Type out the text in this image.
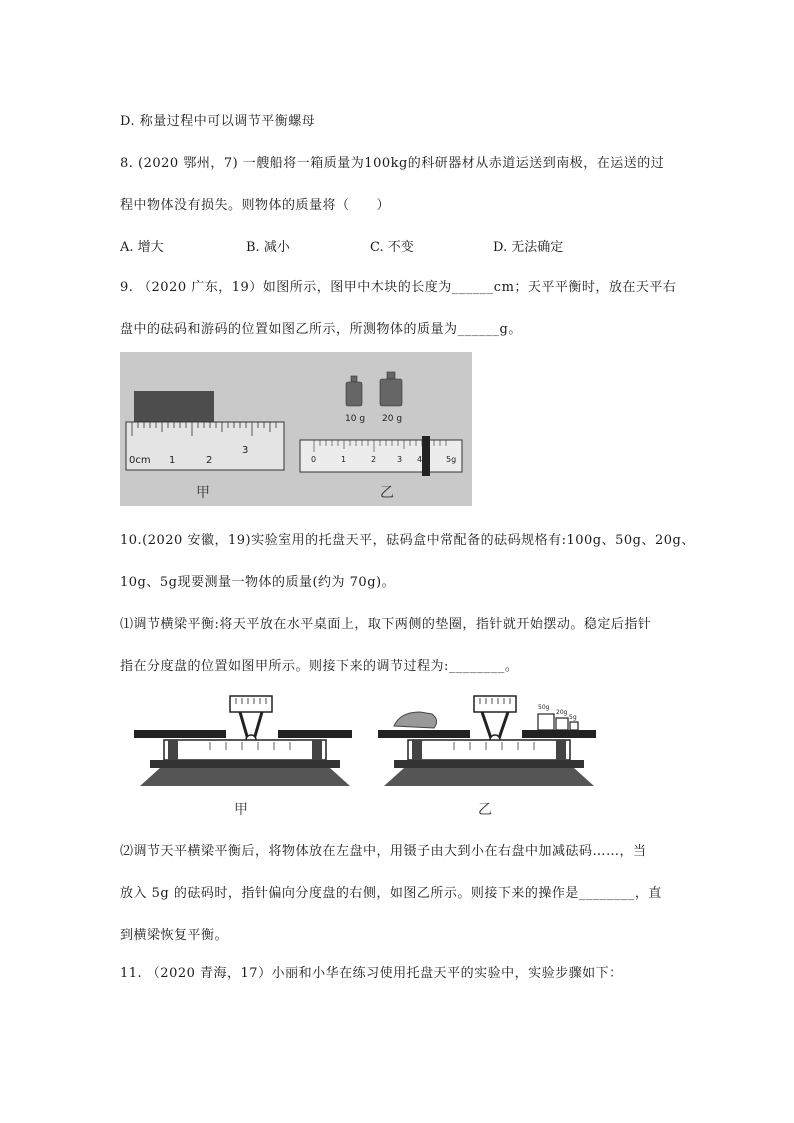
D. 称量过程中可以调节平衡螺母
8. (2020 鄂州，7) 一艘船将一箱质量为100kg的科研器材从赤道运送到南极，在运送的过
程中物体没有损失。则物体的质量将（　　）
A. 增大	B. 减小	C. 不变	D. 无法确定
9. （2020 广东，19）如图所示，图甲中木块的长度为______cm；天平平衡时，放在天平右
盘中的砝码和游码的位置如图乙所示，所测物体的质量为______g。
0cm 1	2
3
甲
10 g 20 g
0	1	2	3 4	5g
乙
10.(2020 安徽，19)实验室用的托盘天平，砝码盒中常配备的砝码规格有:100g、50g、20g、
10g、5g现要测量一物体的质量(约为 70g)。
⑴调节横梁平衡:将天平放在水平桌面上，取下两侧的垫圈，指针就开始摆动。稳定后指针
指在分度盘的位置如图甲所示。则接下来的调节过程为:________。
甲
50g
20g
5g
乙
⑵调节天平横梁平衡后，将物体放在左盘中，用镊子由大到小在右盘中加减砝码……，当
放入 5g 的砝码时，指针偏向分度盘的右侧，如图乙所示。则接下来的操作是________，直
到横梁恢复平衡。
11. （2020 青海，17）小丽和小华在练习使用托盘天平的实验中，实验步骤如下：
